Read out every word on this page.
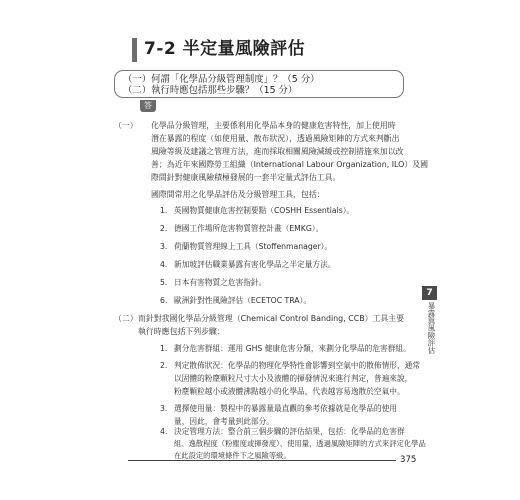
7-2 半定量風險評估
（一）何謂「化學品分級管理制度」？（5 分）
（二）執行時應包括那些步驟？（15 分）
答
（一） 化學品分級管理，主要係利用化學品本身的健康危害特性，加上使用時
潛在暴露的程度（如使用量、散布狀況），透過風險矩陣的方式來判斷出
風險等級及建議之管理方法，進而採取相關風險減緩或控制措施來加以改
善；為近年來國際勞工組織（International Labour Organization, ILO）及國
際間針對健康風險積極發展的一套半定量式評估工具。
國際間常用之化學品評估及分級管理工具，包括：
1. 英國物質健康危害控制要點（COSHH Essentials）。
2. 德國工作場所危害物質管控計畫（EMKG）。
3. 荷蘭物質管理線上工具（Stoffenmanager）。
4. 新加坡評估職業暴露有害化學品之半定量方法。
5. 日本有害物質之危害指針。
6. 歐洲針對性風險評估（ECETOC TRA）。
（二） 而針對我國化學品分級管理（Chemical Control Banding, CCB）工具主要
執行時應包括下列步驟：
1. 劃分危害群組：運用 GHS 健康危害分類，來劃分化學品的危害群組。
2. 判定散佈狀況：化學品的物理化學特性會影響到空氣中的散佈情形，通常
以固體的粉塵顆粒尺寸大小及液體的揮發情況來進行判定，普遍來說，
粉塵顆粒越小或液體沸點越小的化學品，代表越容易逸散於空氣中。
3. 選擇使用量：製程中的暴露量最直觀的參考依據就是化學品的使用
量，因此，會考量到此部分。
4. 決定管理方法：整合前三個步驟的評估結果，包括：化學品的危害群
組、逸散程度（粉塵度或揮發度）、使用量，透過風險矩陣的方式來評定化學品
7
暴露與風險評估
375
在此設定的環境條件下之風險等級。
